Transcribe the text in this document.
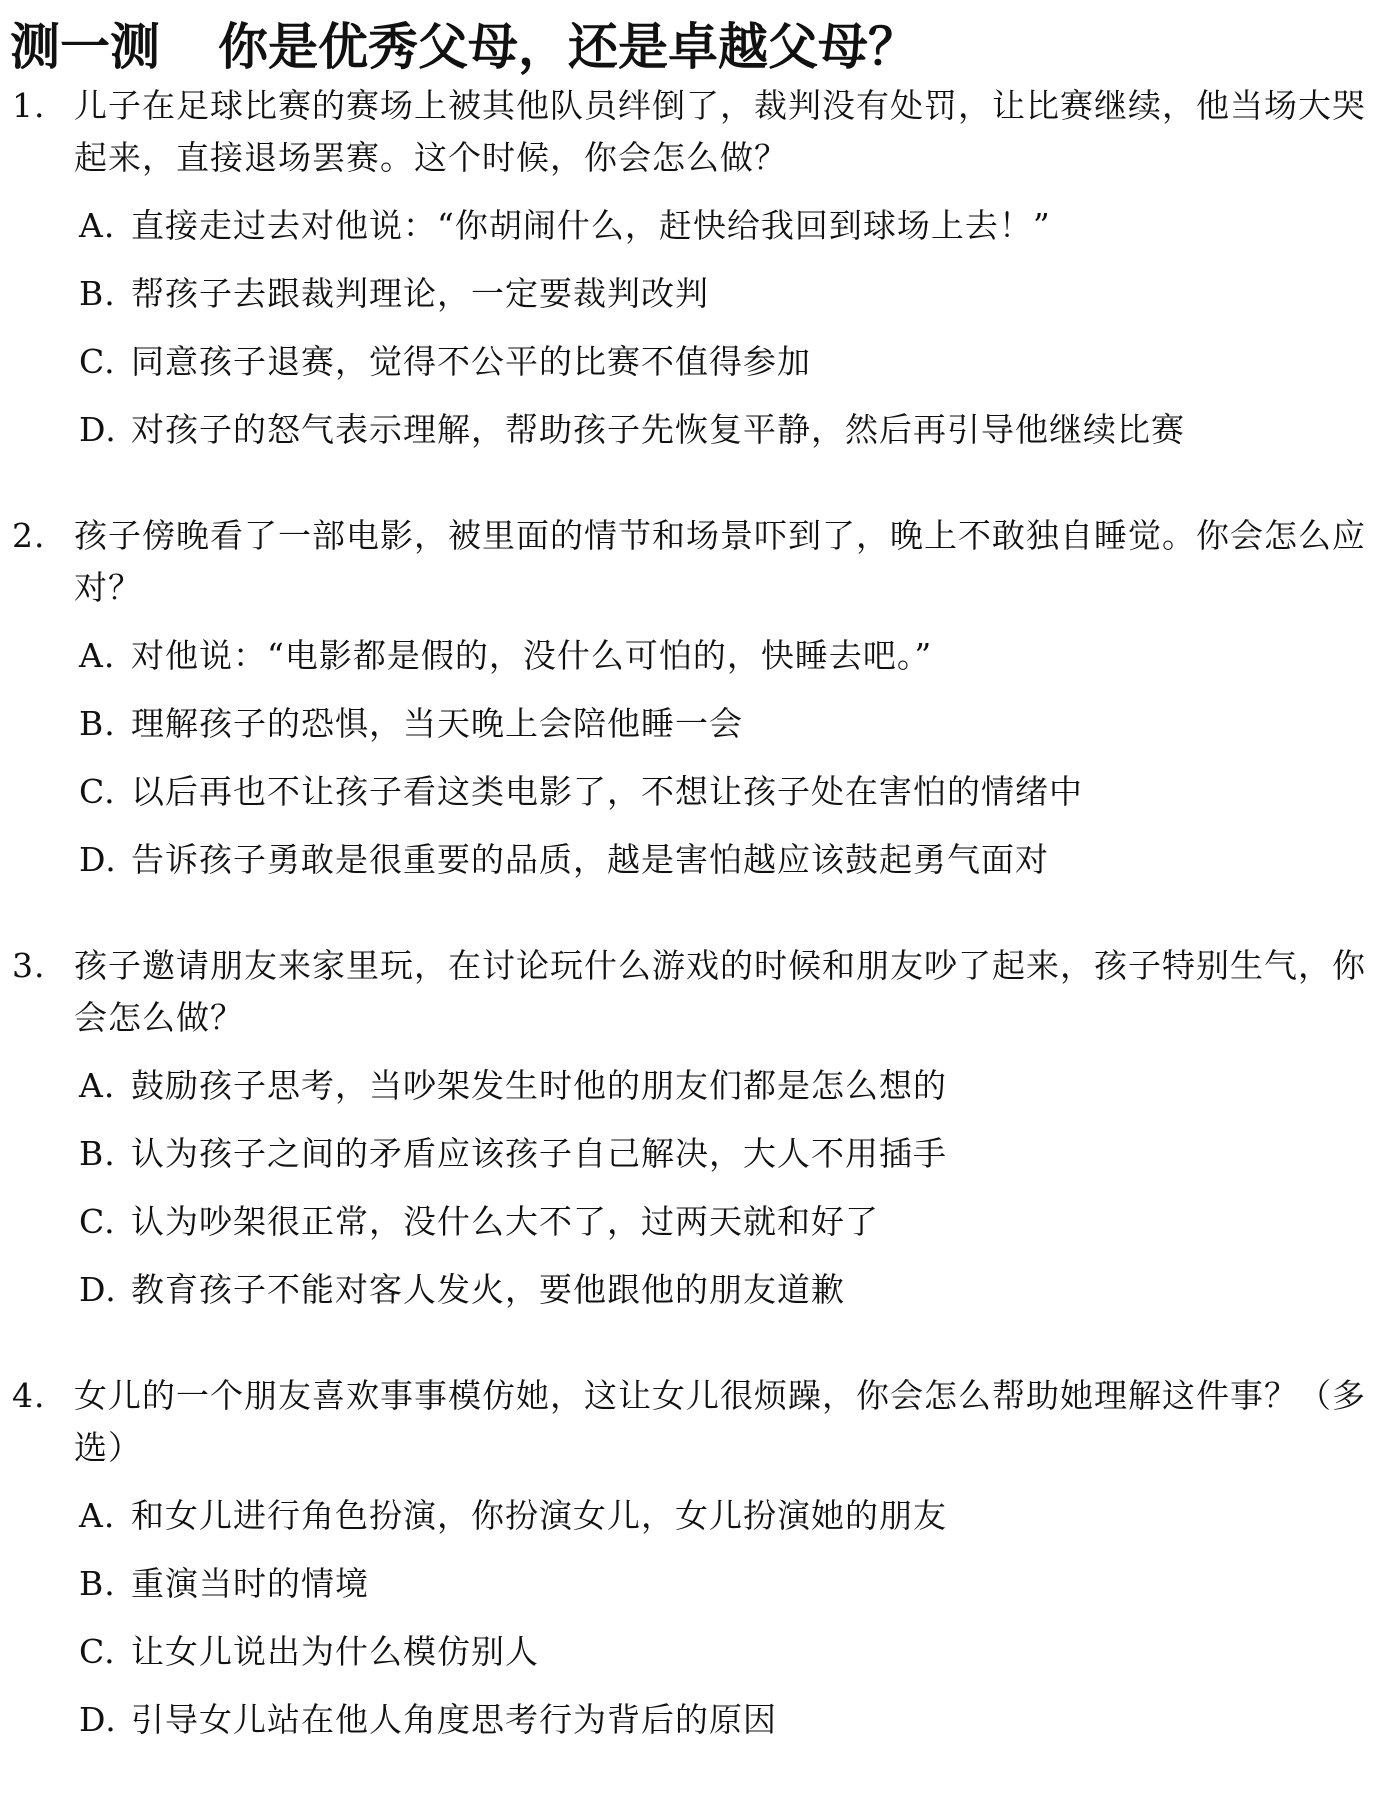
测一测 你是优秀父母，还是卓越父母？

1. 儿子在足球比赛的赛场上被其他队员绊倒了，裁判没有处罚，让比赛继续，他当场大哭起来，直接退场罢赛。这个时候，你会怎么做？

A. 直接走过去对他说：“你胡闹什么，赶快给我回到球场上去！”
B. 帮孩子去跟裁判理论，一定要裁判改判
C. 同意孩子退赛，觉得不公平的比赛不值得参加
D. 对孩子的怒气表示理解，帮助孩子先恢复平静，然后再引导他继续比赛

2. 孩子傍晚看了一部电影，被里面的情节和场景吓到了，晚上不敢独自睡觉。你会怎么应对？

A. 对他说：“电影都是假的，没什么可怕的，快睡去吧。”
B. 理解孩子的恐惧，当天晚上会陪他睡一会
C. 以后再也不让孩子看这类电影了，不想让孩子处在害怕的情绪中
D. 告诉孩子勇敢是很重要的品质，越是害怕越应该鼓起勇气面对

3. 孩子邀请朋友来家里玩，在讨论玩什么游戏的时候和朋友吵了起来，孩子特别生气，你会怎么做？

A. 鼓励孩子思考，当吵架发生时他的朋友们都是怎么想的
B. 认为孩子之间的矛盾应该孩子自己解决，大人不用插手
C. 认为吵架很正常，没什么大不了，过两天就和好了
D. 教育孩子不能对客人发火，要他跟他的朋友道歉

4. 女儿的一个朋友喜欢事事模仿她，这让女儿很烦躁，你会怎么帮助她理解这件事？（多选）

A. 和女儿进行角色扮演，你扮演女儿，女儿扮演她的朋友
B. 重演当时的情境
C. 让女儿说出为什么模仿别人
D. 引导女儿站在他人角度思考行为背后的原因
